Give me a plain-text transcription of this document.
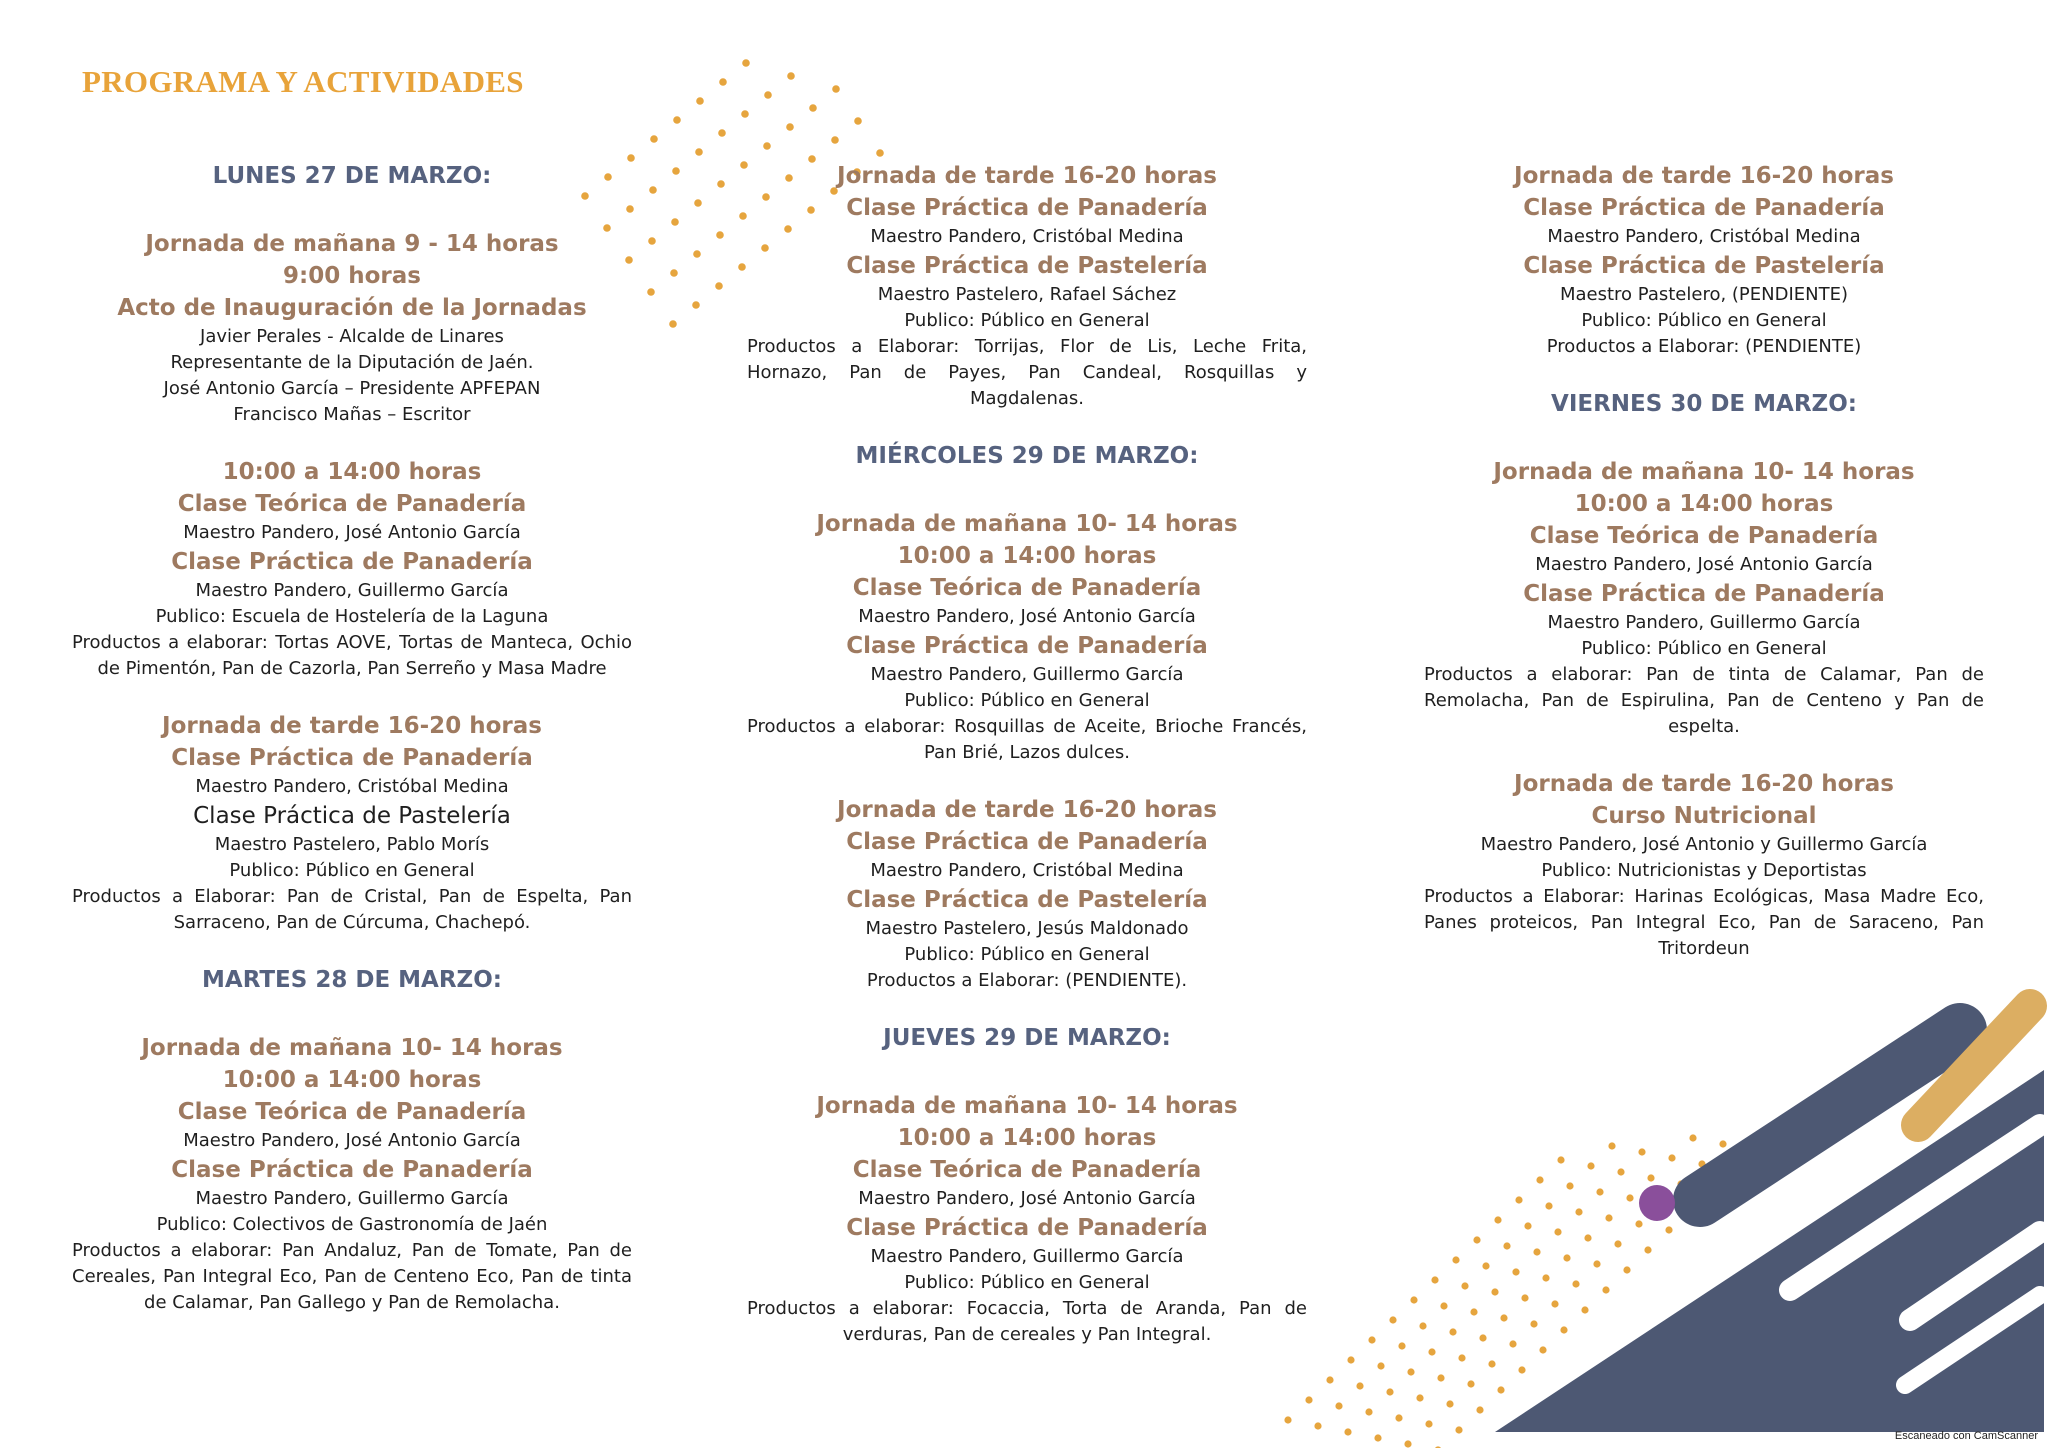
PROGRAMA Y ACTIVIDADES
LUNES 27 DE MARZO:
Jornada de mañana 9 - 14 horas
9:00 horas
Acto de Inauguración de la Jornadas
Javier Perales - Alcalde de Linares
Representante de la Diputación de Jaén.
José Antonio García – Presidente APFEPAN
Francisco Mañas – Escritor
10:00 a 14:00 horas
Clase Teórica de Panadería
Maestro Pandero, José Antonio García
Clase Práctica de Panadería
Maestro Pandero, Guillermo García
Publico: Escuela de Hostelería de la Laguna
Productos a elaborar: Tortas AOVE, Tortas de Manteca, Ochio de Pimentón, Pan de Cazorla, Pan Serreño y Masa Madre
Jornada de tarde 16-20 horas
Clase Práctica de Panadería
Maestro Pandero, Cristóbal Medina
Clase Práctica de Pastelería
Maestro Pastelero, Pablo Morís
Publico: Público en General
Productos a Elaborar: Pan de Cristal, Pan de Espelta, Pan Sarraceno, Pan de Cúrcuma, Chachepó.
MARTES 28 DE MARZO:
Jornada de mañana 10- 14 horas
10:00 a 14:00 horas
Clase Teórica de Panadería
Maestro Pandero, José Antonio García
Clase Práctica de Panadería
Maestro Pandero, Guillermo García
Publico: Colectivos de Gastronomía de Jaén
Productos a elaborar: Pan Andaluz, Pan de Tomate, Pan de Cereales, Pan Integral Eco, Pan de Centeno Eco, Pan de tinta de Calamar, Pan Gallego y Pan de Remolacha.
Jornada de tarde 16-20 horas
Clase Práctica de Panadería
Maestro Pandero, Cristóbal Medina
Clase Práctica de Pastelería
Maestro Pastelero, Rafael Sáchez
Publico: Público en General
Productos a Elaborar: Torrijas, Flor de Lis, Leche Frita, Hornazo, Pan de Payes, Pan Candeal, Rosquillas y Magdalenas.
MIÉRCOLES 29 DE MARZO:
Jornada de mañana 10- 14 horas
10:00 a 14:00 horas
Clase Teórica de Panadería
Maestro Pandero, José Antonio García
Clase Práctica de Panadería
Maestro Pandero, Guillermo García
Publico: Público en General
Productos a elaborar: Rosquillas de Aceite, Brioche Francés, Pan Brié, Lazos dulces.
Jornada de tarde 16-20 horas
Clase Práctica de Panadería
Maestro Pandero, Cristóbal Medina
Clase Práctica de Pastelería
Maestro Pastelero, Jesús Maldonado
Publico: Público en General
Productos a Elaborar: (PENDIENTE).
JUEVES 29 DE MARZO:
Jornada de mañana 10- 14 horas
10:00 a 14:00 horas
Clase Teórica de Panadería
Maestro Pandero, José Antonio García
Clase Práctica de Panadería
Maestro Pandero, Guillermo García
Publico: Público en General
Productos a elaborar: Focaccia, Torta de Aranda, Pan de verduras, Pan de cereales y Pan Integral.
Jornada de tarde 16-20 horas
Clase Práctica de Panadería
Maestro Pandero, Cristóbal Medina
Clase Práctica de Pastelería
Maestro Pastelero, (PENDIENTE)
Publico: Público en General
Productos a Elaborar: (PENDIENTE)
VIERNES 30 DE MARZO:
Jornada de mañana 10- 14 horas
10:00 a 14:00 horas
Clase Teórica de Panadería
Maestro Pandero, José Antonio García
Clase Práctica de Panadería
Maestro Pandero, Guillermo García
Publico: Público en General
Productos a elaborar: Pan de tinta de Calamar, Pan de Remolacha, Pan de Espirulina, Pan de Centeno y Pan de espelta.
Jornada de tarde 16-20 horas
Curso Nutricional
Maestro Pandero, José Antonio y Guillermo García
Publico: Nutricionistas y Deportistas
Productos a Elaborar: Harinas Ecológicas, Masa Madre Eco, Panes proteicos, Pan Integral Eco, Pan de Saraceno, Pan Tritordeun
Escaneado con CamScanner
